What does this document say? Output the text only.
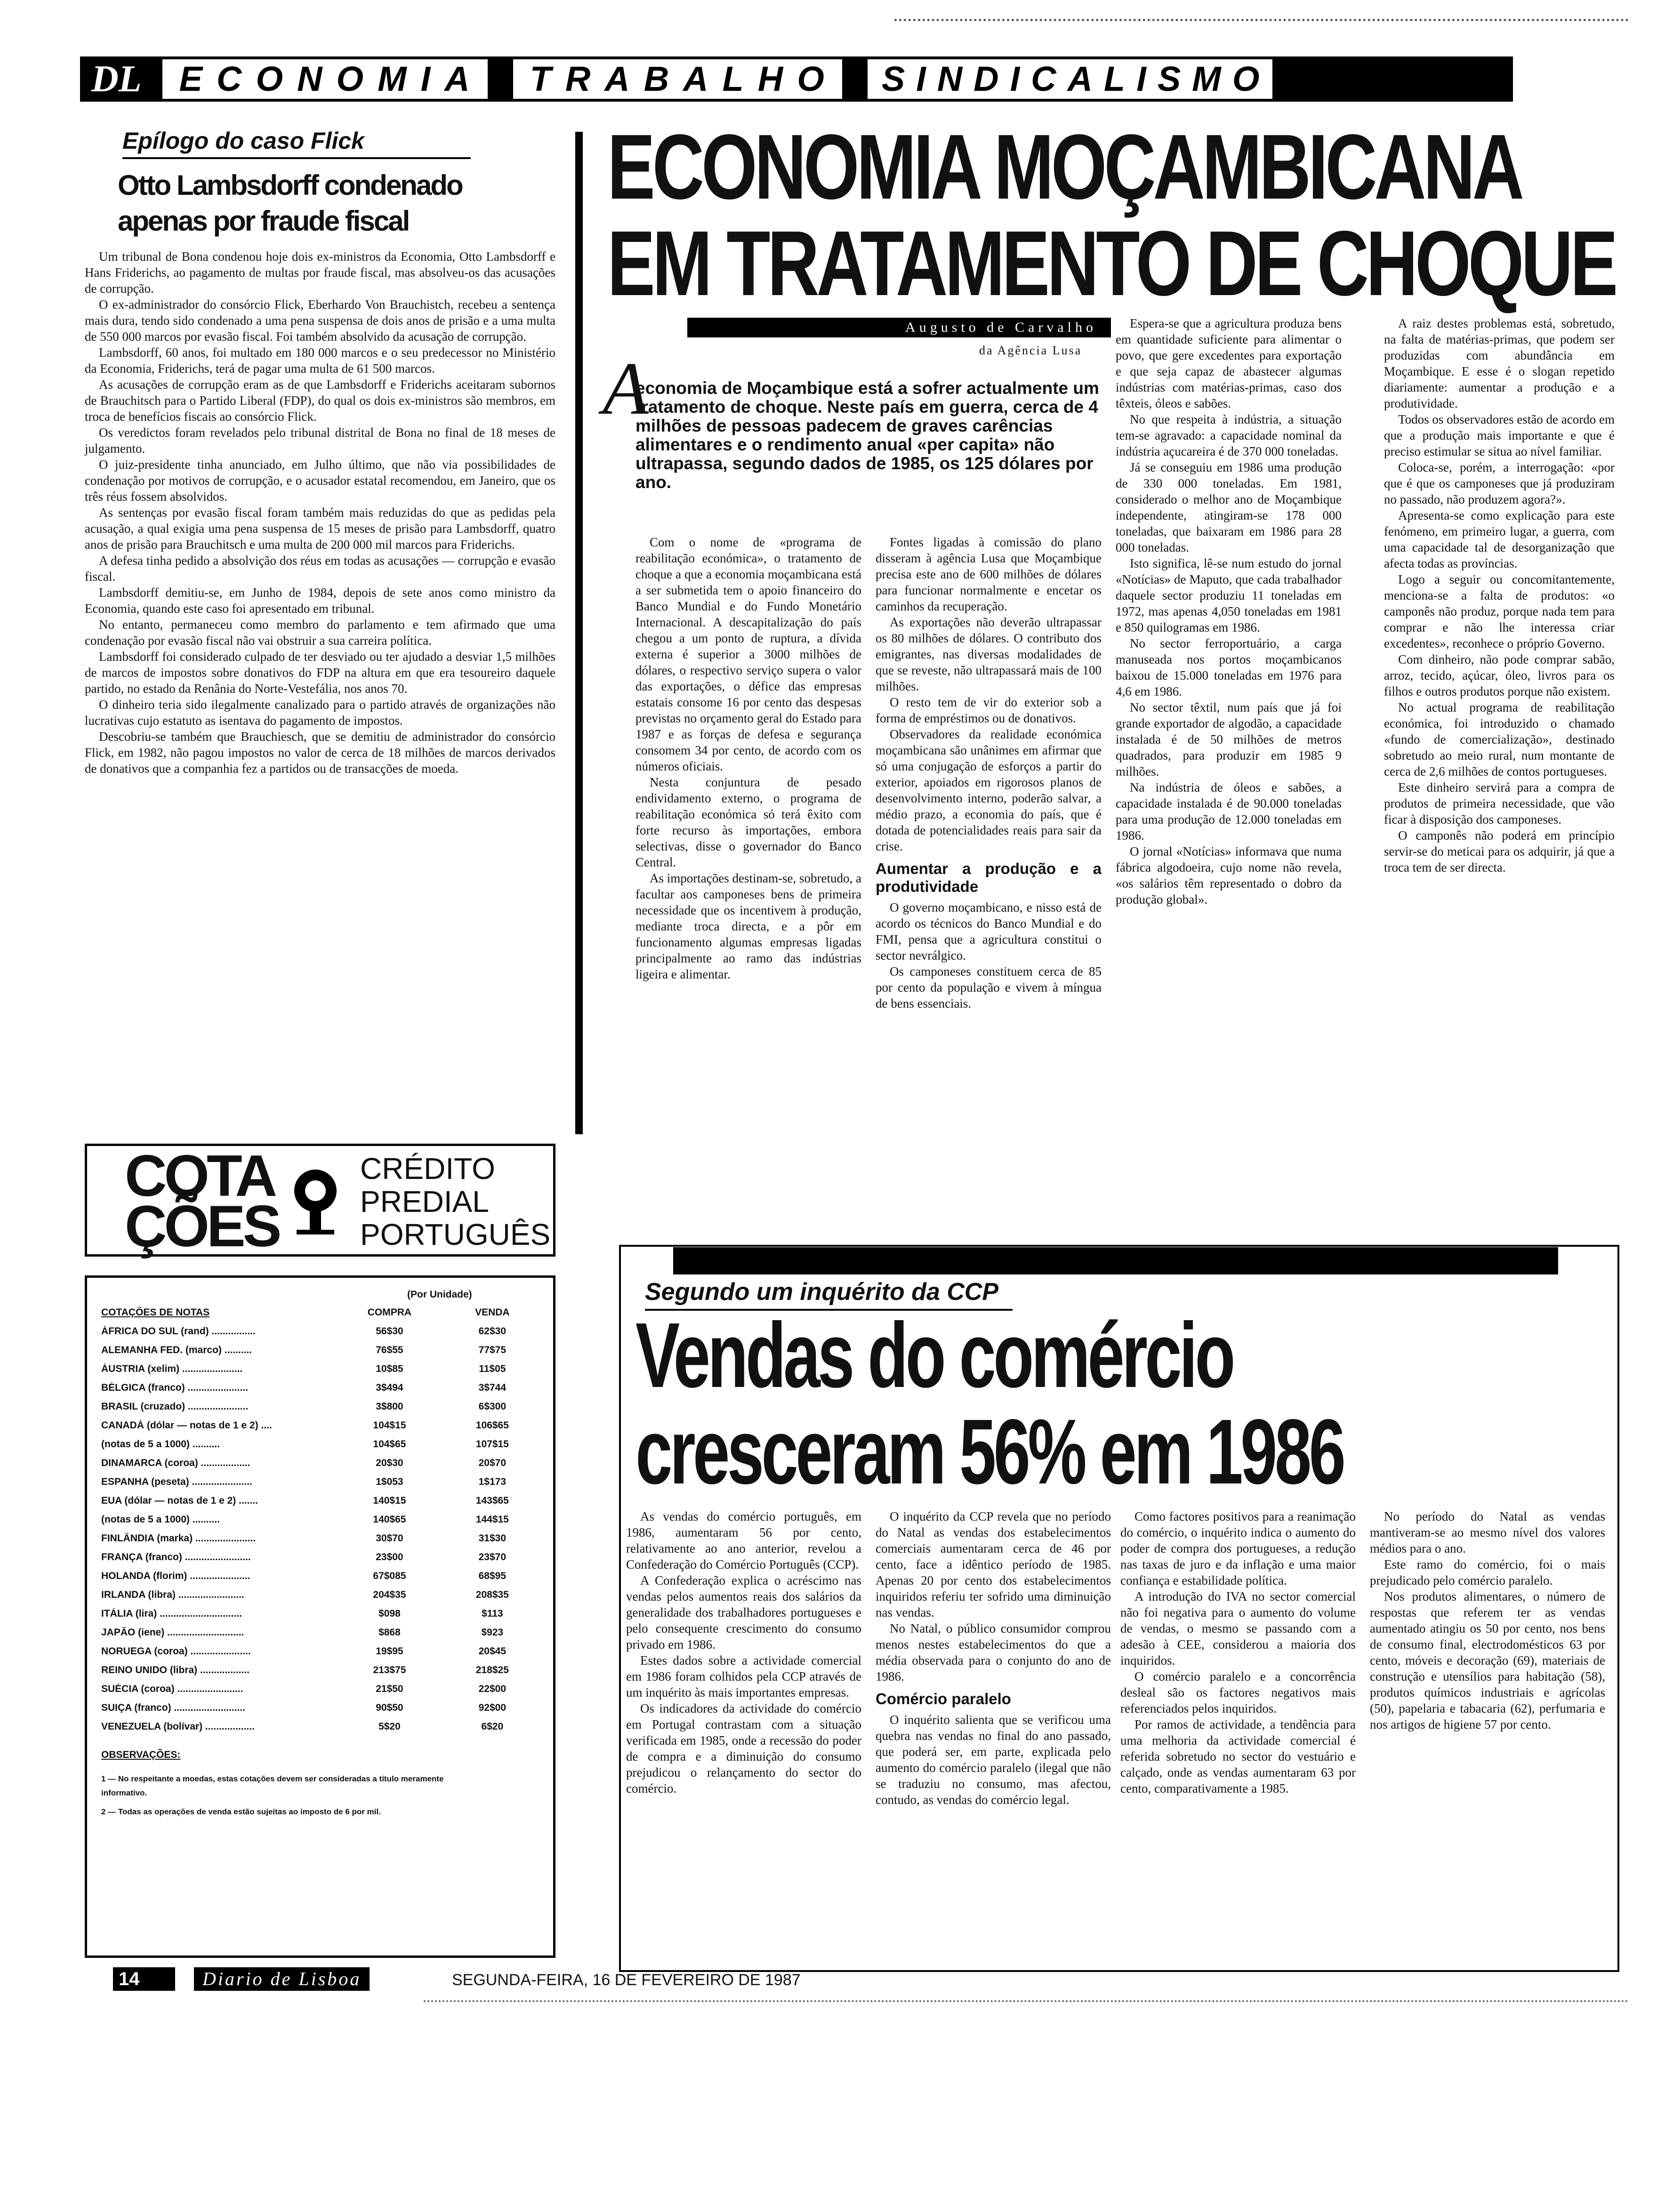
DL	ECONOMIA	TRABALHO	SINDICALISMO
Epílogo do caso Flick
Otto Lambsdorff condenado apenas por fraude fiscal

Um tribunal de Bona condenou hoje dois ex-ministros da Economia, Otto Lambsdorff e Hans Friderichs, ao pagamento de multas por fraude fiscal, mas absolveu-os das acusações de corrupção.

O ex-administrador do consórcio Flick, Eberhardo Von Brauchistch, recebeu a sentença mais dura, tendo sido condenado a uma pena suspensa de dois anos de prisão e a uma multa de 550 000 marcos por evasão fiscal. Foi também absolvido da acusação de corrupção.

Lambsdorff, 60 anos, foi multado em 180 000 marcos e o seu predecessor no Ministério da Economia, Friderichs, terá de pagar uma multa de 61 500 marcos.

As acusações de corrupção eram as de que Lambsdorff e Friderichs aceitaram subornos de Brauchitsch para o Partido Liberal (FDP), do qual os dois ex-ministros são membros, em troca de benefícios fiscais ao consórcio Flick.

Os veredictos foram revelados pelo tribunal distrital de Bona no final de 18 meses de julgamento.

O juiz-presidente tinha anunciado, em Julho último, que não via possibilidades de condenação por motivos de corrupção, e o acusador estatal recomendou, em Janeiro, que os três réus fossem absolvidos.

As sentenças por evasão fiscal foram também mais reduzidas do que as pedidas pela acusação, a qual exigia uma pena suspensa de 15 meses de prisão para Lambsdorff, quatro anos de prisão para Brauchitsch e uma multa de 200 000 mil marcos para Friderichs.

A defesa tinha pedido a absolvição dos réus em todas as acusações — corrupção e evasão fiscal.

Lambsdorff demitiu-se, em Junho de 1984, depois de sete anos como ministro da Economia, quando este caso foi apresentado em tribunal.

No entanto, permaneceu como membro do parlamento e tem afirmado que uma condenação por evasão fiscal não vai obstruir a sua carreira política.

Lambsdorff foi considerado culpado de ter desviado ou ter ajudado a desviar 1,5 milhões de marcos de impostos sobre donativos do FDP na altura em que era tesoureiro daquele partido, no estado da Renânia do Norte-Vestefália, nos anos 70.

O dinheiro teria sido ilegalmente canalizado para o partido através de organizações não lucrativas cujo estatuto as isentava do pagamento de impostos.

Descobriu-se também que Brauchiesch, que se demitiu de administrador do consórcio Flick, em 1982, não pagou impostos no valor de cerca de 18 milhões de marcos derivados de donativos que a companhia fez a partidos ou de transacções de moeda.

ECONOMIA MOÇAMBICANA
EM TRATAMENTO DE CHOQUE
Augusto de Carvalho
da Agência Lusa
A
economia de Moçambique está a sofrer actualmente um tratamento de choque. Neste país em guerra, cerca de 4 milhões de pessoas padecem de graves carências alimentares e o rendimento anual «per capita» não ultrapassa, segundo dados de 1985, os 125 dólares por ano.

Com o nome de «programa de reabilitação económica», o tratamento de choque a que a economia moçambicana está a ser submetida tem o apoio financeiro do Banco Mundial e do Fundo Monetário Internacional. A descapitalização do país chegou a um ponto de ruptura, a dívida externa é superior a 3000 milhões de dólares, o respectivo serviço supera o valor das exportações, o défice das empresas estatais consome 16 por cento das despesas previstas no orçamento geral do Estado para 1987 e as forças de defesa e segurança consomem 34 por cento, de acordo com os números oficiais.

Nesta conjuntura de pesado endividamento externo, o programa de reabilitação económica só terá êxito com forte recurso às importações, embora selectivas, disse o governador do Banco Central.

As importações destinam-se, sobretudo, a facultar aos camponeses bens de primeira necessidade que os incentivem à produção, mediante troca directa, e a pôr em funcionamento algumas empresas ligadas principalmente ao ramo das indústrias ligeira e alimentar.

Fontes ligadas à comissão do plano disseram à agência Lusa que Moçambique precisa este ano de 600 milhões de dólares para funcionar normalmente e encetar os caminhos da recuperação.

As exportações não deverão ultrapassar os 80 milhões de dólares. O contributo dos emigrantes, nas diversas modalidades de que se reveste, não ultrapassará mais de 100 milhões.

O resto tem de vir do exterior sob a forma de empréstimos ou de donativos.

Observadores da realidade económica moçambicana são unânimes em afirmar que só uma conjugação de esforços a partir do exterior, apoiados em rigorosos planos de desenvolvimento interno, poderão salvar, a médio prazo, a economia do país, que é dotada de potencialidades reais para sair da crise.

Aumentar a produção e a produtividade

O governo moçambicano, e nisso está de acordo os técnicos do Banco Mundial e do FMI, pensa que a agricultura constitui o sector nevrálgico.

Os camponeses constituem cerca de 85 por cento da população e vivem à míngua de bens essenciais.

Espera-se que a agricultura produza bens em quantidade suficiente para alimentar o povo, que gere excedentes para exportação e que seja capaz de abastecer algumas indústrias com matérias-primas, caso dos têxteis, óleos e sabões.

No que respeita à indústria, a situação tem-se agravado: a capacidade nominal da indústria açucareira é de 370 000 toneladas.

Já se conseguiu em 1986 uma produção de 330 000 toneladas. Em 1981, considerado o melhor ano de Moçambique independente, atingiram-se 178 000 toneladas, que baixaram em 1986 para 28 000 toneladas.

Isto significa, lê-se num estudo do jornal «Notícias» de Maputo, que cada trabalhador daquele sector produziu 11 toneladas em 1972, mas apenas 4,050 toneladas em 1981 e 850 quilogramas em 1986.

No sector ferroportuário, a carga manuseada nos portos moçambicanos baixou de 15.000 toneladas em 1976 para 4,6 em 1986.

No sector têxtil, num país que já foi grande exportador de algodão, a capacidade instalada é de 50 milhões de metros quadrados, para produzir em 1985 9 milhões.

Na indústria de óleos e sabões, a capacidade instalada é de 90.000 toneladas para uma produção de 12.000 toneladas em 1986.

O jornal «Notícias» informava que numa fábrica algodoeira, cujo nome não revela, «os salários têm representado o dobro da produção global».

A raiz destes problemas está, sobretudo, na falta de matérias-primas, que podem ser produzidas com abundância em Moçambique. E esse é o slogan repetido diariamente: aumentar a produção e a produtividade.

Todos os observadores estão de acordo em que a produção mais importante e que é preciso estimular se situa ao nível familiar.

Coloca-se, porém, a interrogação: «por que é que os camponeses que já produziram no passado, não produzem agora?».

Apresenta-se como explicação para este fenómeno, em primeiro lugar, a guerra, com uma capacidade tal de desorganização que afecta todas as províncias.

Logo a seguir ou concomitantemente, menciona-se a falta de produtos: «o camponês não produz, porque nada tem para comprar e não lhe interessa criar excedentes», reconhece o próprio Governo.

Com dinheiro, não pode comprar sabão, arroz, tecido, açúcar, óleo, livros para os filhos e outros produtos porque não existem.

No actual programa de reabilitação económica, foi introduzido o chamado «fundo de comercialização», destinado sobretudo ao meio rural, num montante de cerca de 2,6 milhões de contos portugueses.

Este dinheiro servirá para a compra de produtos de primeira necessidade, que vão ficar à disposição dos camponeses.

O camponês não poderá em princípio servir-se do meticai para os adquirir, já que a troca tem de ser directa.

COTA
ÇÕES
CRÉDITO
PREDIAL
PORTUGUÊS
(Por Unidade)
COTAÇÕES DE NOTAS	COMPRA	VENDA
ÁFRICA DO SUL (rand) ................	56$30	62$30
ALEMANHA FED. (marco) ..........	76$55	77$75
ÁUSTRIA (xelim) ......................	10$85	11$05
BÉLGICA (franco) ......................	3$494	3$744
BRASIL (cruzado) ......................	3$800	6$300
CANADÁ (dólar — notas de 1 e 2) ....	104$15	106$65
(notas de 5 a 1000) ..........	104$65	107$15
DINAMARCA (coroa) ..................	20$30	20$70
ESPANHA (peseta) ......................	1$053	1$173
EUA (dólar — notas de 1 e 2) .......	140$15	143$65
(notas de 5 a 1000) ..........	140$65	144$15
FINLÂNDIA (marka) ......................	30$70	31$30
FRANÇA (franco) ........................	23$00	23$70
HOLANDA (florim) ......................	67$085	68$95
IRLANDA (libra) ........................	204$35	208$35
ITÁLIA (lira) ..............................	$098	$113
JAPÃO (iene) ............................	$868	$923
NORUEGA (coroa) ......................	19$95	20$45
REINO UNIDO (libra) ..................	213$75	218$25
SUÉCIA (coroa) ........................	21$50	22$00
SUIÇA (franco) ..........................	90$50	92$00
VENEZUELA (bolívar) ..................	5$20	6$20
OBSERVAÇÕES:
1 — No respeitante a moedas, estas cotações devem ser consideradas a título meramente informativo.
2 — Todas as operações de venda estão sujeitas ao imposto de 6 por mil.
Segundo um inquérito da CCP
Vendas do comércio
cresceram 56% em 1986

As vendas do comércio português, em 1986, aumentaram 56 por cento, relativamente ao ano anterior, revelou a Confederação do Comércio Português (CCP).

A Confederação explica o acréscimo nas vendas pelos aumentos reais dos salários da generalidade dos trabalhadores portugueses e pelo consequente crescimento do consumo privado em 1986.

Estes dados sobre a actividade comercial em 1986 foram colhidos pela CCP através de um inquérito às mais importantes empresas.

Os indicadores da actividade do comércio em Portugal contrastam com a situação verificada em 1985, onde a recessão do poder de compra e a diminuição do consumo prejudicou o relançamento do sector do comércio.

O inquérito da CCP revela que no período do Natal as vendas dos estabelecimentos comerciais aumentaram cerca de 46 por cento, face a idêntico período de 1985. Apenas 20 por cento dos estabelecimentos inquiridos referiu ter sofrido uma diminuição nas vendas.

No Natal, o público consumidor comprou menos nestes estabelecimentos do que a média observada para o conjunto do ano de 1986.

Comércio paralelo

O inquérito salienta que se verificou uma quebra nas vendas no final do ano passado, que poderá ser, em parte, explicada pelo aumento do comércio paralelo (ilegal que não se traduziu no consumo, mas afectou, contudo, as vendas do comércio legal.

Como factores positivos para a reanimação do comércio, o inquérito indica o aumento do poder de compra dos portugueses, a redução nas taxas de juro e da inflação e uma maior confiança e estabilidade política.

A introdução do IVA no sector comercial não foi negativa para o aumento do volume de vendas, o mesmo se passando com a adesão à CEE, considerou a maioria dos inquiridos.

O comércio paralelo e a concorrência desleal são os factores negativos mais referenciados pelos inquiridos.

Por ramos de actividade, a tendência para uma melhoria da actividade comercial é referida sobretudo no sector do vestuário e calçado, onde as vendas aumentaram 63 por cento, comparativamente a 1985.

No período do Natal as vendas mantiveram-se ao mesmo nível dos valores médios para o ano.

Este ramo do comércio, foi o mais prejudicado pelo comércio paralelo.

Nos produtos alimentares, o número de respostas que referem ter as vendas aumentado atingiu os 50 por cento, nos bens de consumo final, electrodomésticos 63 por cento, móveis e decoração (69), materiais de construção e utensílios para habitação (58), produtos químicos industriais e agrícolas (50), papelaria e tabacaria (62), perfumaria e nos artigos de higiene 57 por cento.

14	Diario de Lisboa	SEGUNDA-FEIRA, 16 DE FEVEREIRO DE 1987
